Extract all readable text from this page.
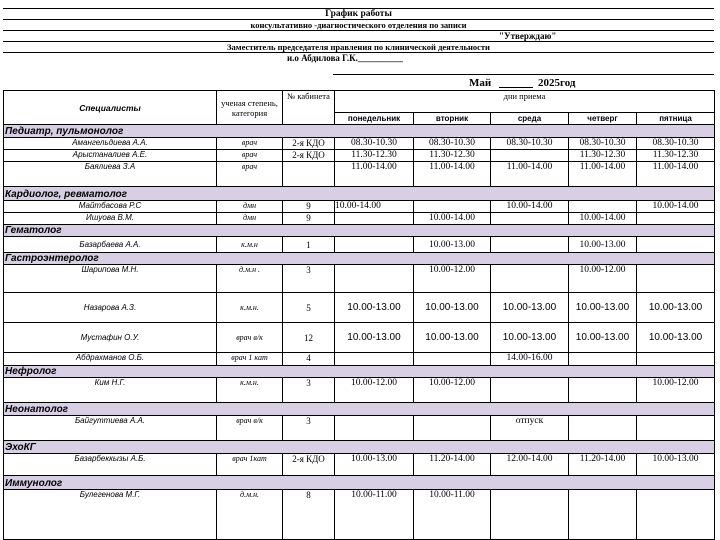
График работы
консультативно -диагностического отделения по записи
"Утверждаю"
Заместитель председателя правления по клинической деятельности
и.о Абдилова Г.К.__________
Май	2025год
Специалисты	ученая степень, категория	№ кабинета	дни приема				
			понедельник	вторник	среда	четверг	пятница
Педиатр, пульмонолог							
Амангельдиева А.А.	врач	2-я КДО	08.30-10.30	08.30-10.30	08.30-10.30	08.30-10.30	08.30-10.30
Арыстаналиев А.Е.	врач	2-я КДО	11.30-12.30	11.30-12.30		11.30-12.30	11.30-12.30
Баялиева З.А	врач		11.00-14.00	11.00-14.00	11.00-14.00	11.00-14.00	11.00-14.00
Кардиолог, ревматолог							
Майтбасова Р.С	дмн	9	10.00-14.00		10.00-14.00		10.00-14.00
Ишуова В.М.	дмн	9		10.00-14.00		10.00-14.00	
Гематолог							
Базарбаева А.А.	к.м.н	1		10.00-13.00		10.00-13.00	
Гастроэнтеролог							
Шарипова М.Н.	д.м.н .	3		10.00-12.00		10.00-12.00	
Назарова А.З.	к.м.н.	5	10.00-13.00	10.00-13.00	10.00-13.00	10.00-13.00	10.00-13.00
Мустафин О.У.	врач в/к	12	10.00-13.00	10.00-13.00	10.00-13.00	10.00-13.00	10.00-13.00
Абдрахманов О.Б.	врач 1 кат	4			14.00-16.00		
Нефролог							
Ким Н.Г.	к.м.н.	3	10.00-12.00	10.00-12.00			10.00-12.00
Неонатолог							
Байгуттиева А.А.	врач в/к	3			отпуск		
ЭхоКГ							
Базарбеккызы А.Б.	врач 1кат	2-я КДО	10.00-13.00	11.20-14.00	12.00-14.00	11.20-14.00	10.00-13.00
Иммунолог							
Булегенова М.Г.	д.м.н.	8	10.00-11.00	10.00-11.00			
